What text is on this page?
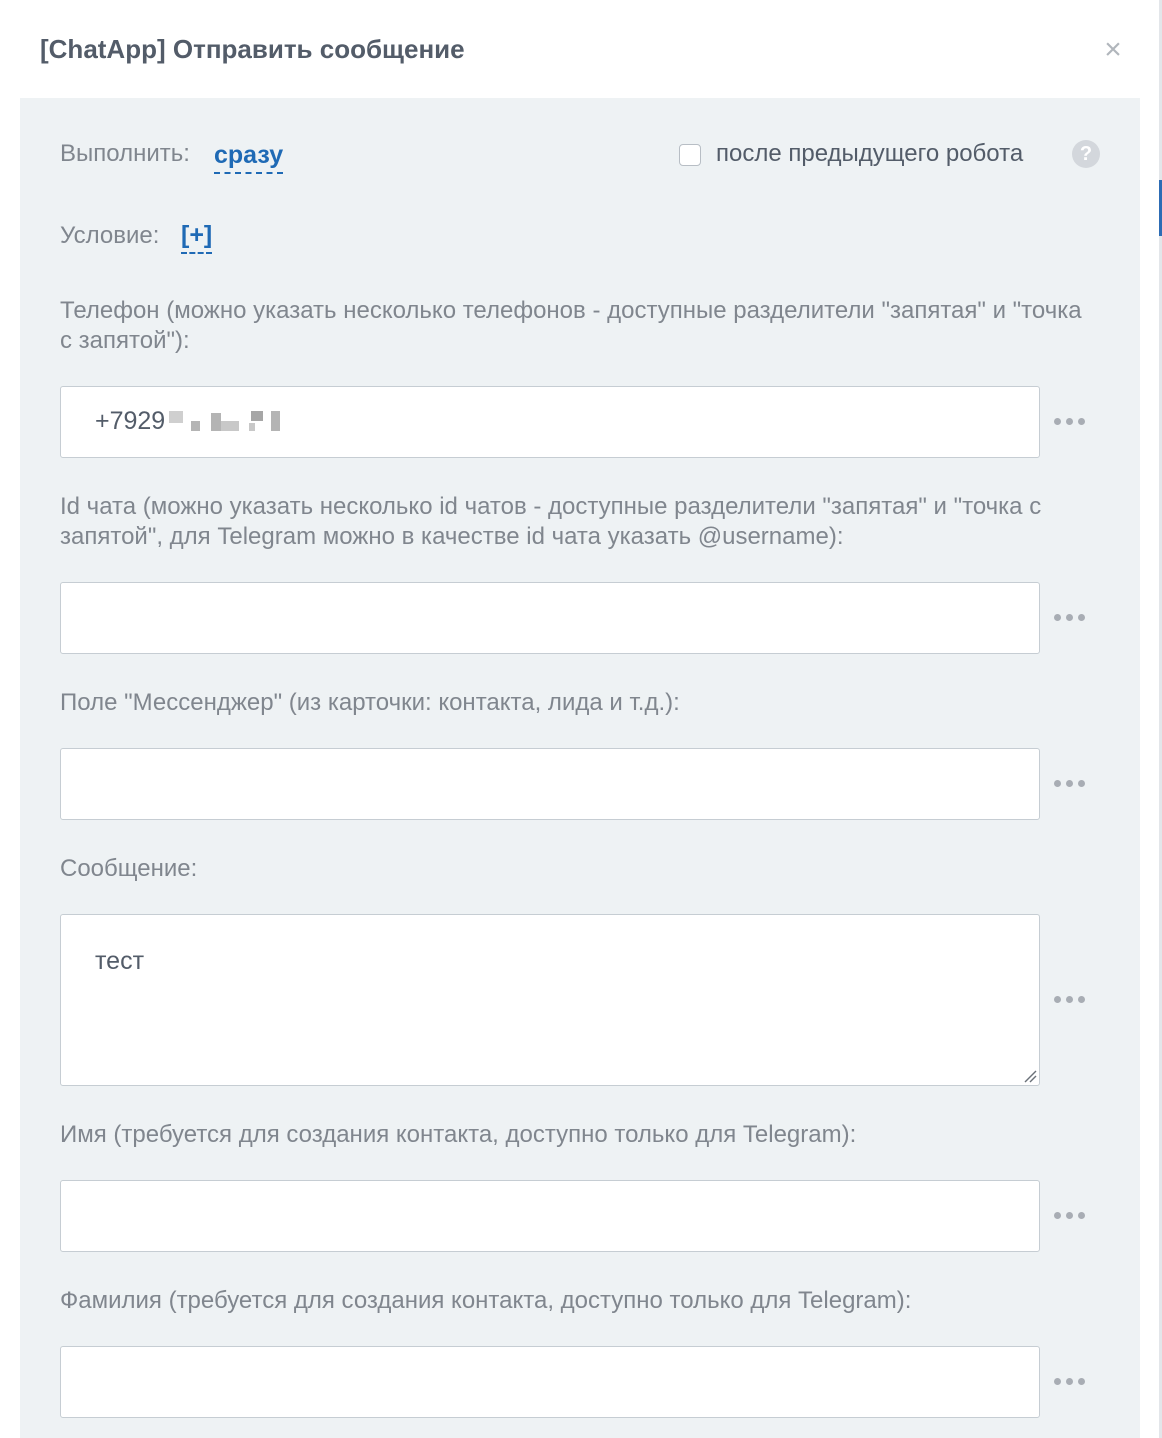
[ChatApp] Отправить сообщение	×
Выполнить: сразу	после предыдущего робота	?
Условие: [+]
Телефон (можно указать несколько телефонов - доступные разделители "запятая" и "точка с запятой"):
+7929
Id чата (можно указать несколько id чатов - доступные разделители "запятая" и "точка с запятой", для Telegram можно в качестве id чата указать @username):
Поле "Мессенджер" (из карточки: контакта, лида и т.д.):
Сообщение:
тест
Имя (требуется для создания контакта, доступно только для Telegram):
Фамилия (требуется для создания контакта, доступно только для Telegram):
